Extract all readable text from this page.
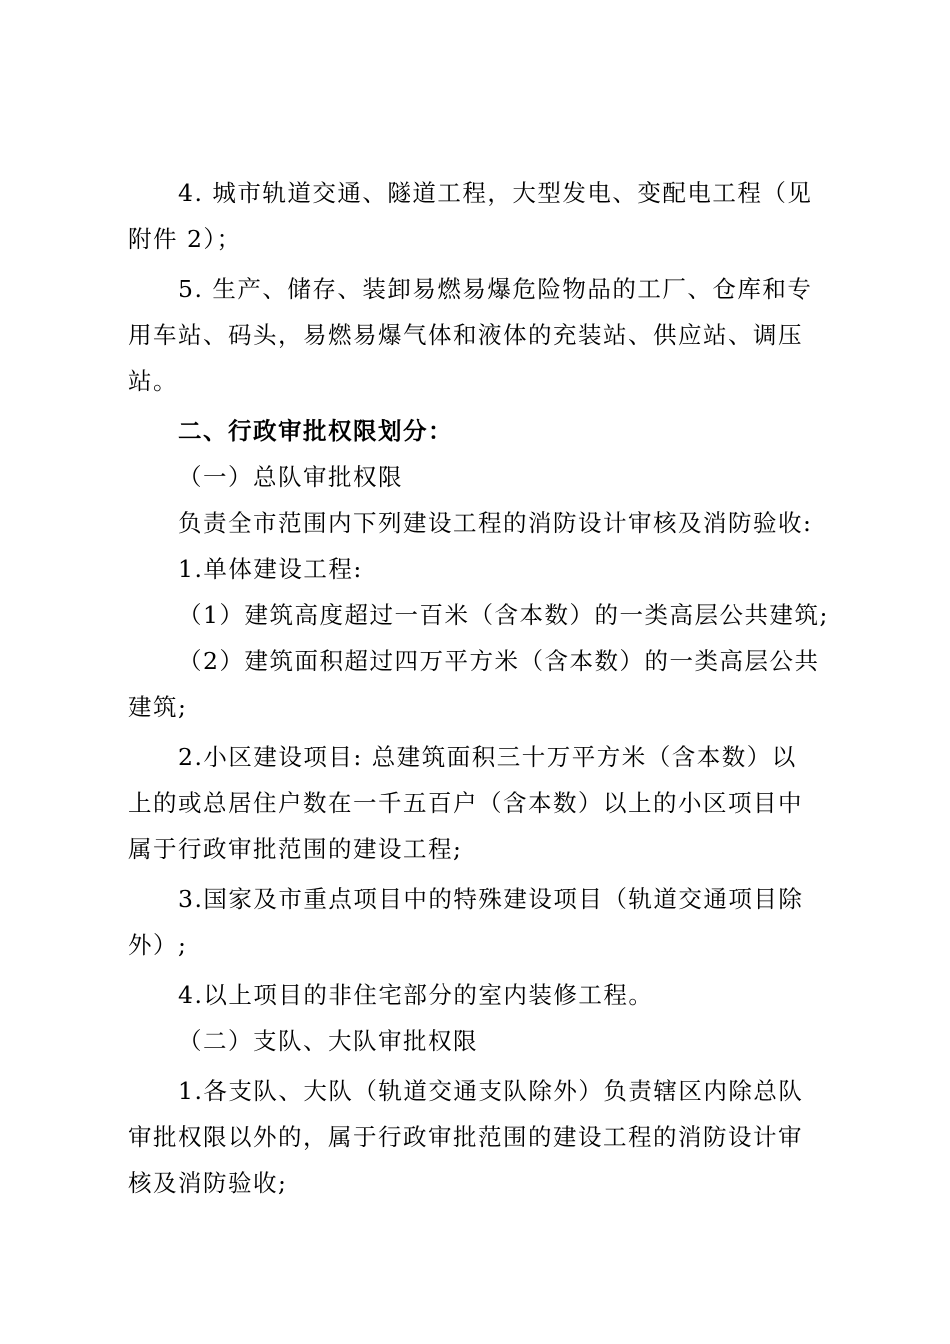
4. 城市轨道交通、隧道工程，大型发电、变配电工程（见
附件 2）；
5. 生产、储存、装卸易燃易爆危险物品的工厂、仓库和专
用车站、码头，易燃易爆气体和液体的充装站、供应站、调压
站。
二、行政审批权限划分：
（一）总队审批权限
负责全市范围内下列建设工程的消防设计审核及消防验收:
1.单体建设工程:
（1）建筑高度超过一百米（含本数）的一类高层公共建筑;
（2）建筑面积超过四万平方米（含本数）的一类高层公共
建筑;
2.小区建设项目: 总建筑面积三十万平方米（含本数）以
上的或总居住户数在一千五百户（含本数）以上的小区项目中
属于行政审批范围的建设工程;
3.国家及市重点项目中的特殊建设项目（轨道交通项目除
外）;
4.以上项目的非住宅部分的室内装修工程。
（二）支队、大队审批权限
1.各支队、大队（轨道交通支队除外）负责辖区内除总队
审批权限以外的，属于行政审批范围的建设工程的消防设计审
核及消防验收;
